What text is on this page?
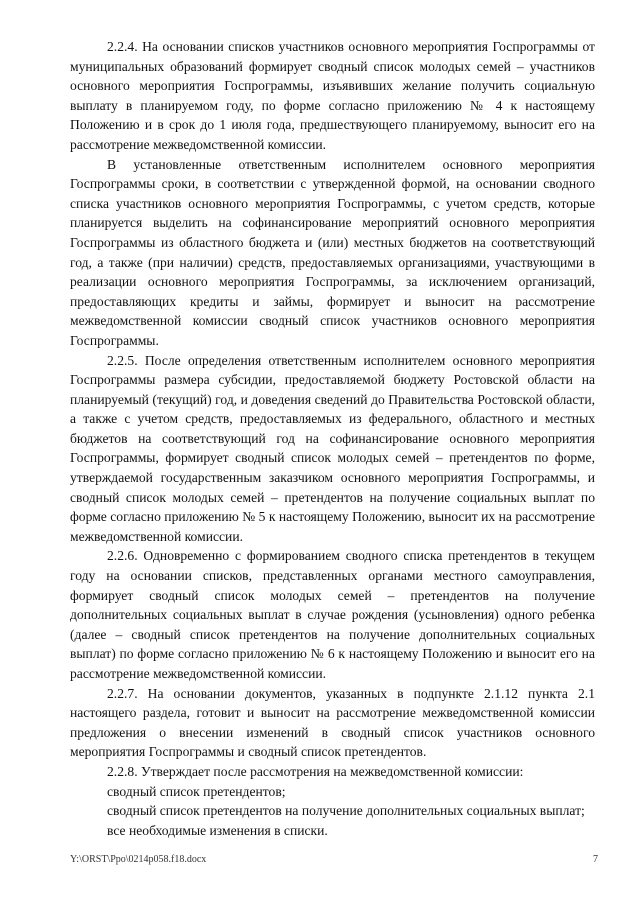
2.2.4. На основании списков участников основного мероприятия Госпрограммы от муниципальных образований формирует сводный список молодых семей – участников основного мероприятия Госпрограммы, изъявивших желание получить социальную выплату в планируемом году, по форме согласно приложению № 4 к настоящему Положению и в срок до 1 июля года, предшествующего планируемому, выносит его на рассмотрение межведомственной комиссии.

В установленные ответственным исполнителем основного мероприятия Госпрограммы сроки, в соответствии с утвержденной формой, на основании сводного списка участников основного мероприятия Госпрограммы, с учетом средств, которые планируется выделить на софинансирование мероприятий основного мероприятия Госпрограммы из областного бюджета и (или) местных бюджетов на соответствующий год, а также (при наличии) средств, предоставляемых организациями, участвующими в реализации основного мероприятия Госпрограммы, за исключением организаций, предоставляющих кредиты и займы, формирует и выносит на рассмотрение межведомственной комиссии сводный список участников основного мероприятия Госпрограммы.

2.2.5. После определения ответственным исполнителем основного мероприятия Госпрограммы размера субсидии, предоставляемой бюджету Ростовской области на планируемый (текущий) год, и доведения сведений до Правительства Ростовской области, а также с учетом средств, предоставляемых из федерального, областного и местных бюджетов на соответствующий год на софинансирование основного мероприятия Госпрограммы, формирует сводный список молодых семей – претендентов по форме, утверждаемой государственным заказчиком основного мероприятия Госпрограммы, и сводный список молодых семей – претендентов на получение социальных выплат по форме согласно приложению № 5 к настоящему Положению, выносит их на рассмотрение межведомственной комиссии.

2.2.6. Одновременно с формированием сводного списка претендентов в текущем году на основании списков, представленных органами местного самоуправления, формирует сводный список молодых семей – претендентов на получение дополнительных социальных выплат в случае рождения (усыновления) одного ребенка (далее – сводный список претендентов на получение дополнительных социальных выплат) по форме согласно приложению № 6 к настоящему Положению и выносит его на рассмотрение межведомственной комиссии.

2.2.7. На основании документов, указанных в подпункте 2.1.12 пункта 2.1 настоящего раздела, готовит и выносит на рассмотрение межведомственной комиссии предложения о внесении изменений в сводный список участников основного мероприятия Госпрограммы и сводный список претендентов.

2.2.8. Утверждает после рассмотрения на межведомственной комиссии:

сводный список претендентов;

сводный список претендентов на получение дополнительных социальных выплат;

все необходимые изменения в списки.

Y:\ORST\Ppo\0214p058.f18.docx	7
